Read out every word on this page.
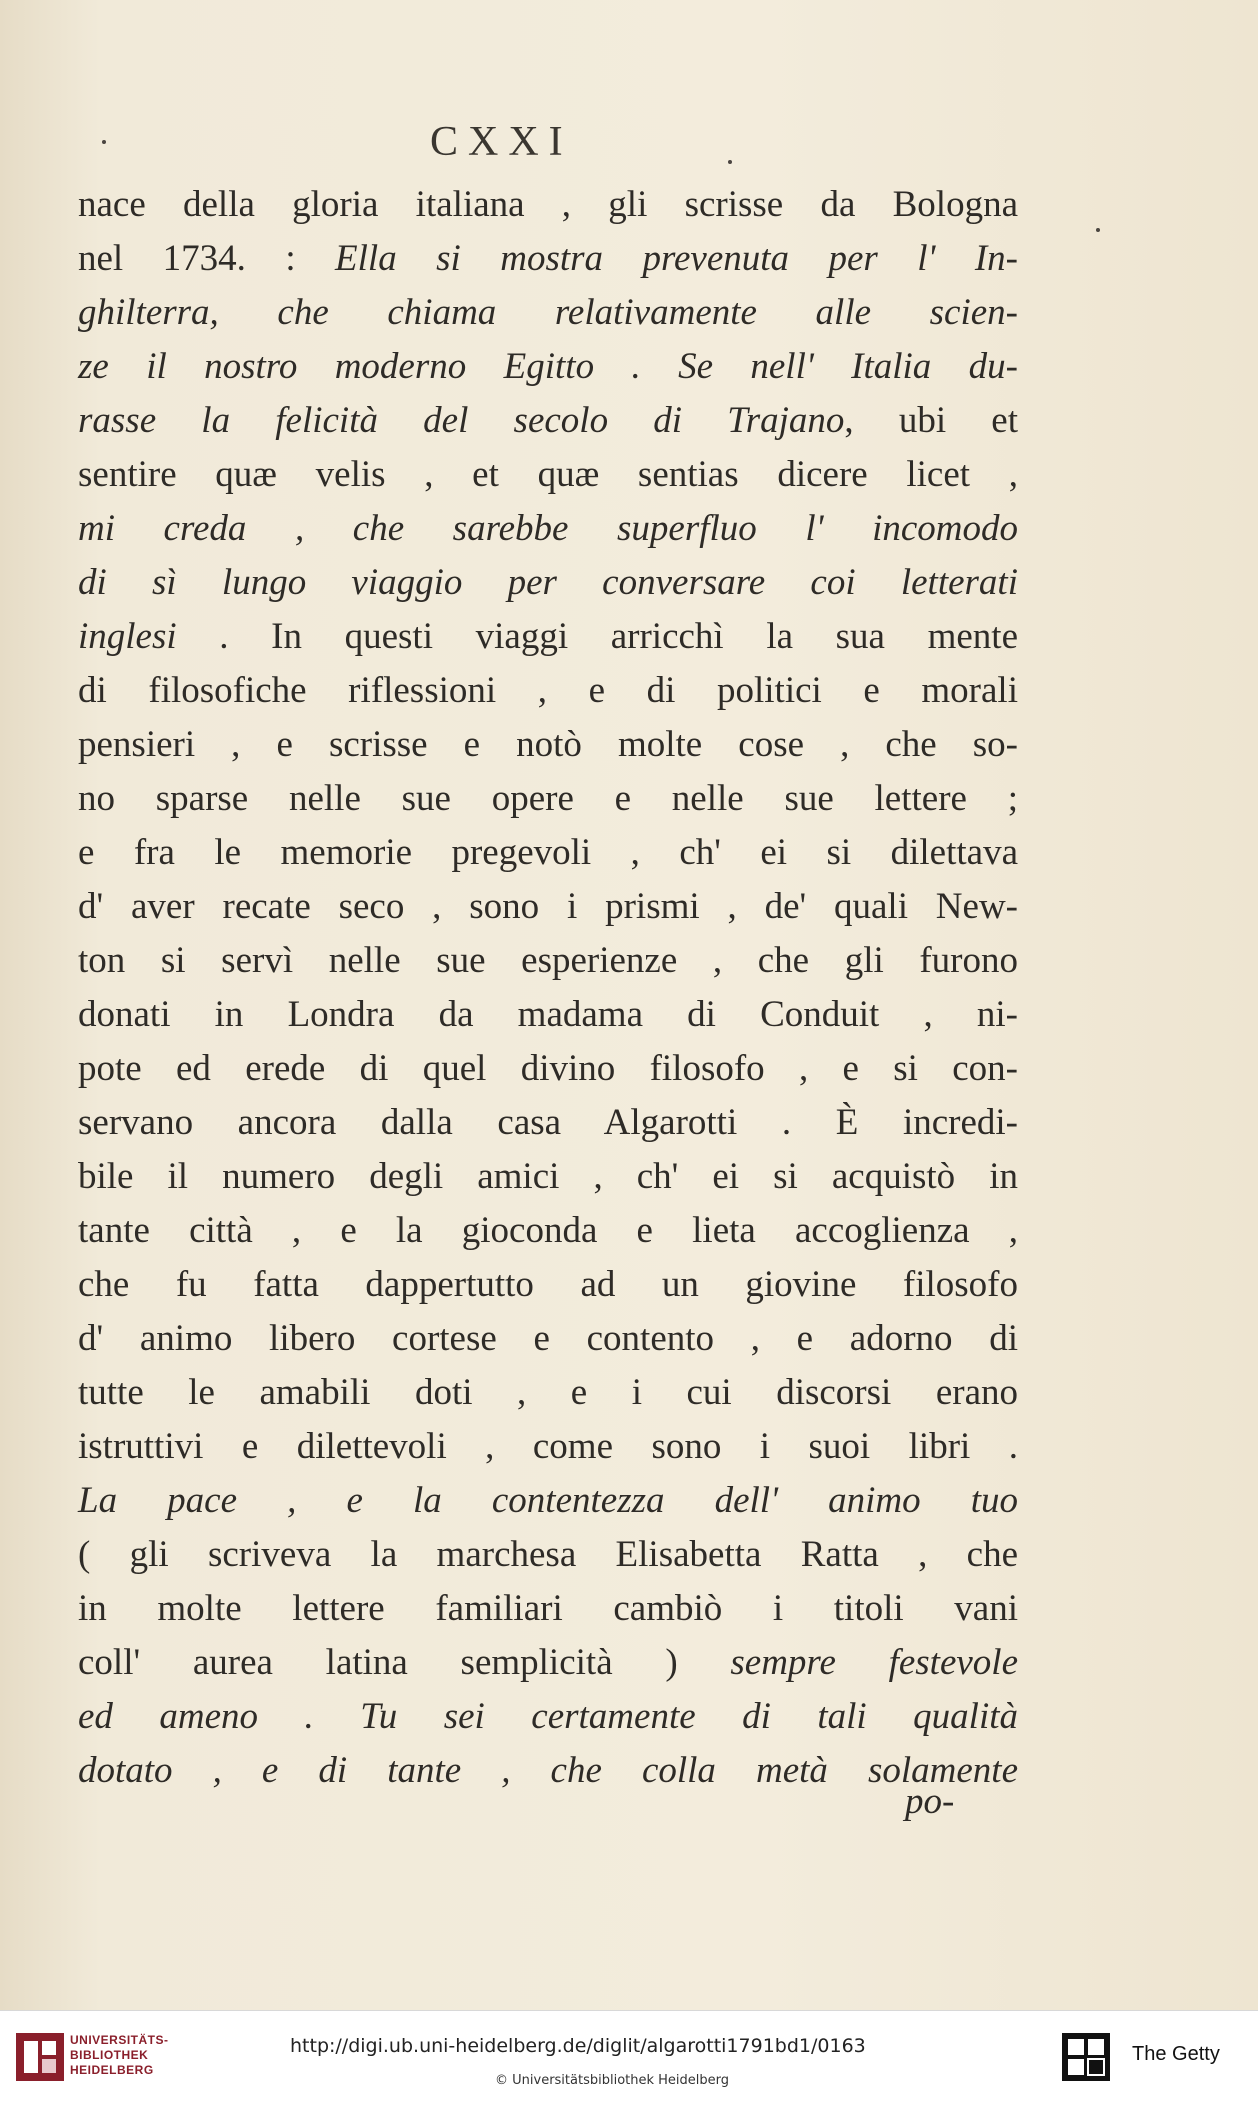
CXXI
nace della gloria italiana , gli scrisse da Bologna
nel 1734. : Ella si mostra prevenuta per l' In-
ghilterra, che chiama relativamente alle scien-
ze il nostro moderno Egitto . Se nell' Italia du-
rasse la felicità del secolo di Trajano, ubi et
sentire quæ velis , et quæ sentias dicere licet ,
mi creda , che sarebbe superfluo l' incomodo
di sì lungo viaggio per conversare coi letterati
inglesi . In questi viaggi arricchì la sua mente
di filosofiche riflessioni , e di politici e morali
pensieri , e scrisse e notò molte cose , che so-
no sparse nelle sue opere e nelle sue lettere ;
e fra le memorie pregevoli , ch' ei si dilettava
d' aver recate seco , sono i prismi , de' quali New-
ton si servì nelle sue esperienze , che gli furono
donati in Londra da madama di Conduit , ni-
pote ed erede di quel divino filosofo , e si con-
servano ancora dalla casa Algarotti . È incredi-
bile il numero degli amici , ch' ei si acquistò in
tante città , e la gioconda e lieta accoglienza ,
che fu fatta dappertutto ad un giovine filosofo
d' animo libero cortese e contento , e adorno di
tutte le amabili doti , e i cui discorsi erano
istruttivi e dilettevoli , come sono i suoi libri .
La pace , e la contentezza dell' animo tuo
( gli scriveva la marchesa Elisabetta Ratta , che
in molte lettere familiari cambiò i titoli vani
coll' aurea latina semplicità ) sempre festevole
ed ameno . Tu sei certamente di tali qualità
dotato , e di tante , che colla metà solamente
po-
UNIVERSITÄTS-
BIBLIOTHEK
HEIDELBERG
http://digi.ub.uni-heidelberg.de/diglit/algarotti1791bd1/0163
© Universitätsbibliothek Heidelberg
The Getty
